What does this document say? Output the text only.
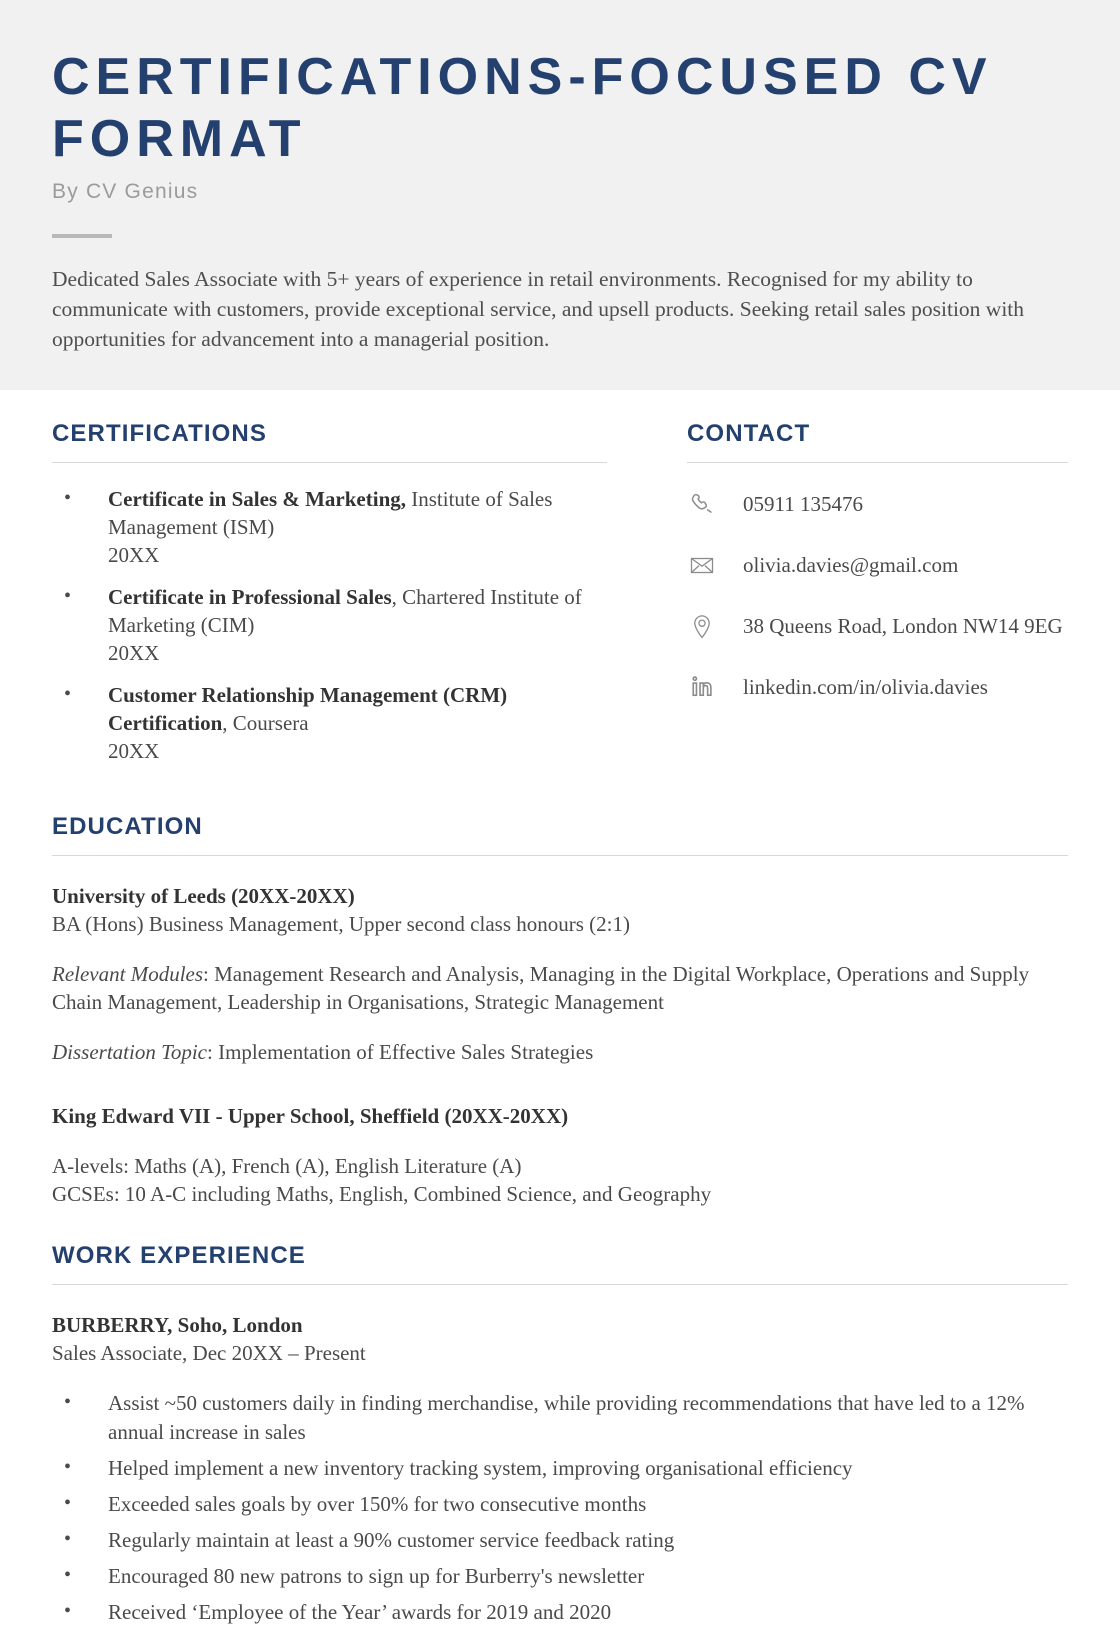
CERTIFICATIONS-FOCUSED CV FORMAT

By CV Genius

Dedicated Sales Associate with 5+ years of experience in retail environments. Recognised for my ability to communicate with customers, provide exceptional service, and upsell products. Seeking retail sales position with opportunities for advancement into a managerial position.

CERTIFICATIONS
• Certificate in Sales & Marketing, Institute of Sales Management (ISM)
20XX
• Certificate in Professional Sales, Chartered Institute of Marketing (CIM)
20XX
• Customer Relationship Management (CRM) Certification, Coursera
20XX
CONTACT
05911 135476
olivia.davies@gmail.com
38 Queens Road, London NW14 9EG
linkedin.com/in/olivia.davies
EDUCATION

University of Leeds (20XX-20XX)

BA (Hons) Business Management, Upper second class honours (2:1)

Relevant Modules: Management Research and Analysis, Managing in the Digital Workplace, Operations and Supply Chain Management, Leadership in Organisations, Strategic Management

Dissertation Topic: Implementation of Effective Sales Strategies

King Edward VII - Upper School, Sheffield (20XX-20XX)

A-levels: Maths (A), French (A), English Literature (A)

GCSEs: 10 A-C including Maths, English, Combined Science, and Geography

WORK EXPERIENCE

BURBERRY, Soho, London

Sales Associate, Dec 20XX – Present

• Assist ~50 customers daily in finding merchandise, while providing recommendations that have led to a 12% annual increase in sales
• Helped implement a new inventory tracking system, improving organisational efficiency
• Exceeded sales goals by over 150% for two consecutive months
• Regularly maintain at least a 90% customer service feedback rating
• Encouraged 80 new patrons to sign up for Burberry's newsletter
• Received ‘Employee of the Year’ awards for 2019 and 2020
